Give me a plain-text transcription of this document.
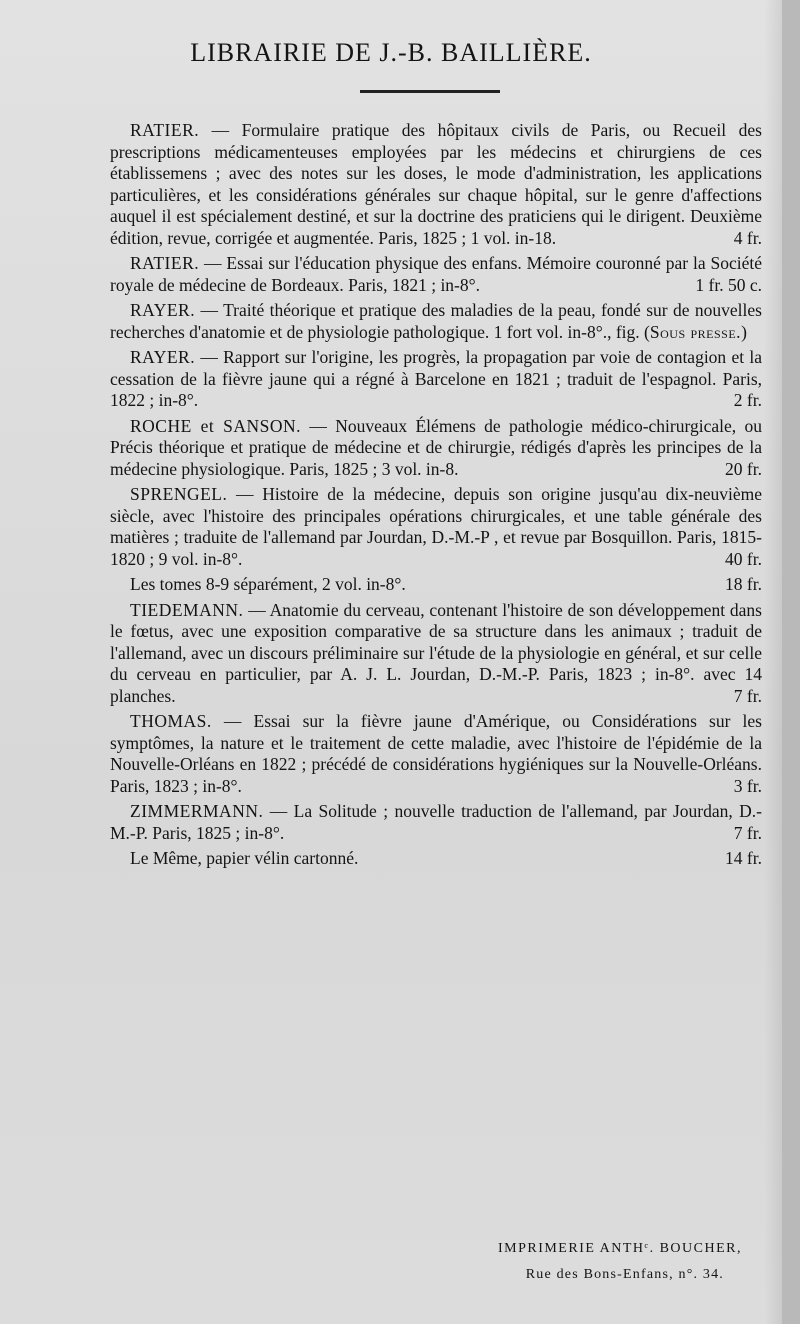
LIBRAIRIE DE J.-B. BAILLIÈRE.

RATIER. — Formulaire pratique des hôpitaux civils de Paris, ou Recueil des prescriptions médicamenteuses employées par les médecins et chirurgiens de ces établissemens ; avec des notes sur les doses, le mode d'administration, les applications particulières, et les considérations générales sur chaque hôpital, sur le genre d'affections auquel il est spécialement destiné, et sur la doctrine des praticiens qui le dirigent. Deuxième édition, revue, corrigée et augmentée. Paris, 1825 ; 1 vol. in-18.	4 fr.

RATIER. — Essai sur l'éducation physique des enfans. Mémoire couronné par la Société royale de médecine de Bordeaux. Paris, 1821 ; in-8°.	1 fr. 50 c.

RAYER. — Traité théorique et pratique des maladies de la peau, fondé sur de nouvelles recherches d'anatomie et de physiologie pathologique. 1 fort vol. in-8°., fig. (Sous presse.)

RAYER. — Rapport sur l'origine, les progrès, la propagation par voie de contagion et la cessation de la fièvre jaune qui a régné à Barcelone en 1821 ; traduit de l'espagnol. Paris, 1822 ; in-8°.	2 fr.

ROCHE et SANSON. — Nouveaux Élémens de pathologie médico-chirurgicale, ou Précis théorique et pratique de médecine et de chirurgie, rédigés d'après les principes de la médecine physiologique. Paris, 1825 ; 3 vol. in-8.	20 fr.

SPRENGEL. — Histoire de la médecine, depuis son origine jusqu'au dix-neuvième siècle, avec l'histoire des principales opérations chirurgicales, et une table générale des matières ; traduite de l'allemand par Jourdan, D.-M.-P , et revue par Bosquillon. Paris, 1815-1820 ; 9 vol. in-8°.	40 fr.

Les tomes 8-9 séparément, 2 vol. in-8°.	18 fr.

TIEDEMANN. — Anatomie du cerveau, contenant l'histoire de son développement dans le fœtus, avec une exposition comparative de sa structure dans les animaux ; traduit de l'allemand, avec un discours préliminaire sur l'étude de la physiologie en général, et sur celle du cerveau en particulier, par A. J. L. Jourdan, D.-M.-P. Paris, 1823 ; in-8°. avec 14 planches.	7 fr.

THOMAS. — Essai sur la fièvre jaune d'Amérique, ou Considérations sur les symptômes, la nature et le traitement de cette maladie, avec l'histoire de l'épidémie de la Nouvelle-Orléans en 1822 ; précédé de considérations hygiéniques sur la Nouvelle-Orléans. Paris, 1823 ; in-8°.	3 fr.

ZIMMERMANN. — La Solitude ; nouvelle traduction de l'allemand, par Jourdan, D.-M.-P. Paris, 1825 ; in-8°.	7 fr.

Le Même, papier vélin cartonné.	14 fr.

IMPRIMERIE ANTHᶜ. BOUCHER,
Rue des Bons-Enfans, n°. 34.
